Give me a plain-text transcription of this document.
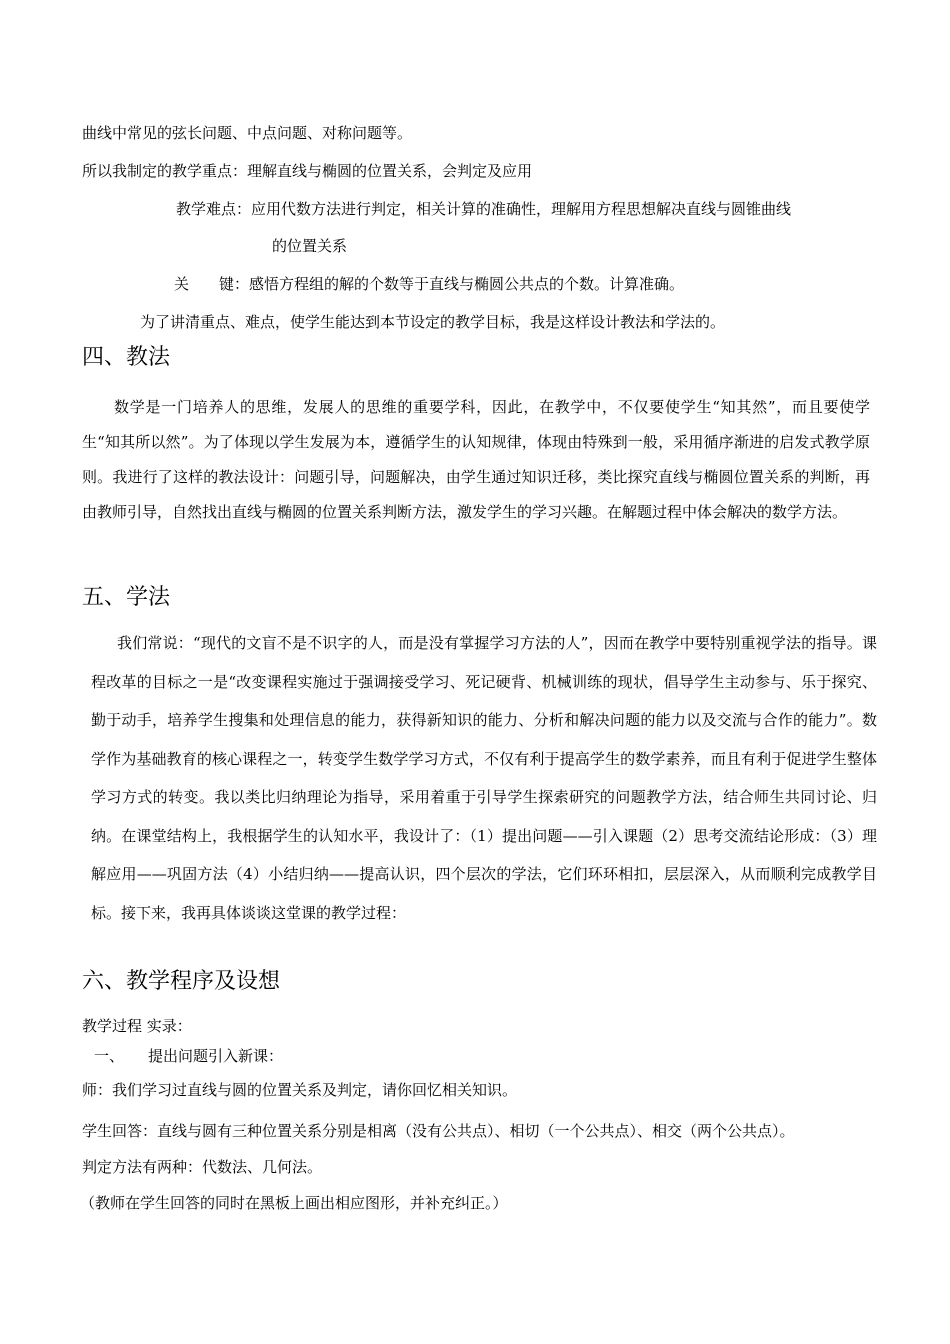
曲线中常见的弦长问题、中点问题、对称问题等。
所以我制定的教学重点：理解直线与椭圆的位置关系，会判定及应用
教学难点：应用代数方法进行判定，相关计算的准确性，理解用方程思想解决直线与圆锥曲线
的位置关系
关　　键：感悟方程组的解的个数等于直线与椭圆公共点的个数。计算准确。
为了讲清重点、难点，使学生能达到本节设定的教学目标，我是这样设计教法和学法的。
四、教法
数学是一门培养人的思维，发展人的思维的重要学科，因此，在教学中，不仅要使学生“知其然”，而且要使学生“知其所以然”。为了体现以学生发展为本，遵循学生的认知规律，体现由特殊到一般，采用循序渐进的启发式教学原则。我进行了这样的教法设计：问题引导，问题解决，由学生通过知识迁移，类比探究直线与椭圆位置关系的判断，再由教师引导，自然找出直线与椭圆的位置关系判断方法，激发学生的学习兴趣。在解题过程中体会解决的数学方法。
五、学法
我们常说：“现代的文盲不是不识字的人，而是没有掌握学习方法的人”，因而在教学中要特别重视学法的指导。课程改革的目标之一是“改变课程实施过于强调接受学习、死记硬背、机械训练的现状，倡导学生主动参与、乐于探究、勤于动手，培养学生搜集和处理信息的能力，获得新知识的能力、分析和解决问题的能力以及交流与合作的能力”。数学作为基础教育的核心课程之一，转变学生数学学习方式，不仅有利于提高学生的数学素养，而且有利于促进学生整体学习方式的转变。我以类比归纳理论为指导，采用着重于引导学生探索研究的问题教学方法，结合师生共同讨论、归纳。在课堂结构上，我根据学生的认知水平，我设计了：（1）提出问题——引入课题（2）思考交流结论形成：（3）理解应用——巩固方法（4）小结归纳——提高认识，四个层次的学法，它们环环相扣，层层深入，从而顺利完成教学目标。接下来，我再具体谈谈这堂课的教学过程：
六、教学程序及设想
教学过程 实录：
一、 提出问题引入新课：
师：我们学习过直线与圆的位置关系及判定，请你回忆相关知识。
学生回答：直线与圆有三种位置关系分别是相离（没有公共点）、相切（一个公共点）、相交（两个公共点）。
判定方法有两种：代数法、几何法。
（教师在学生回答的同时在黑板上画出相应图形，并补充纠正。）
